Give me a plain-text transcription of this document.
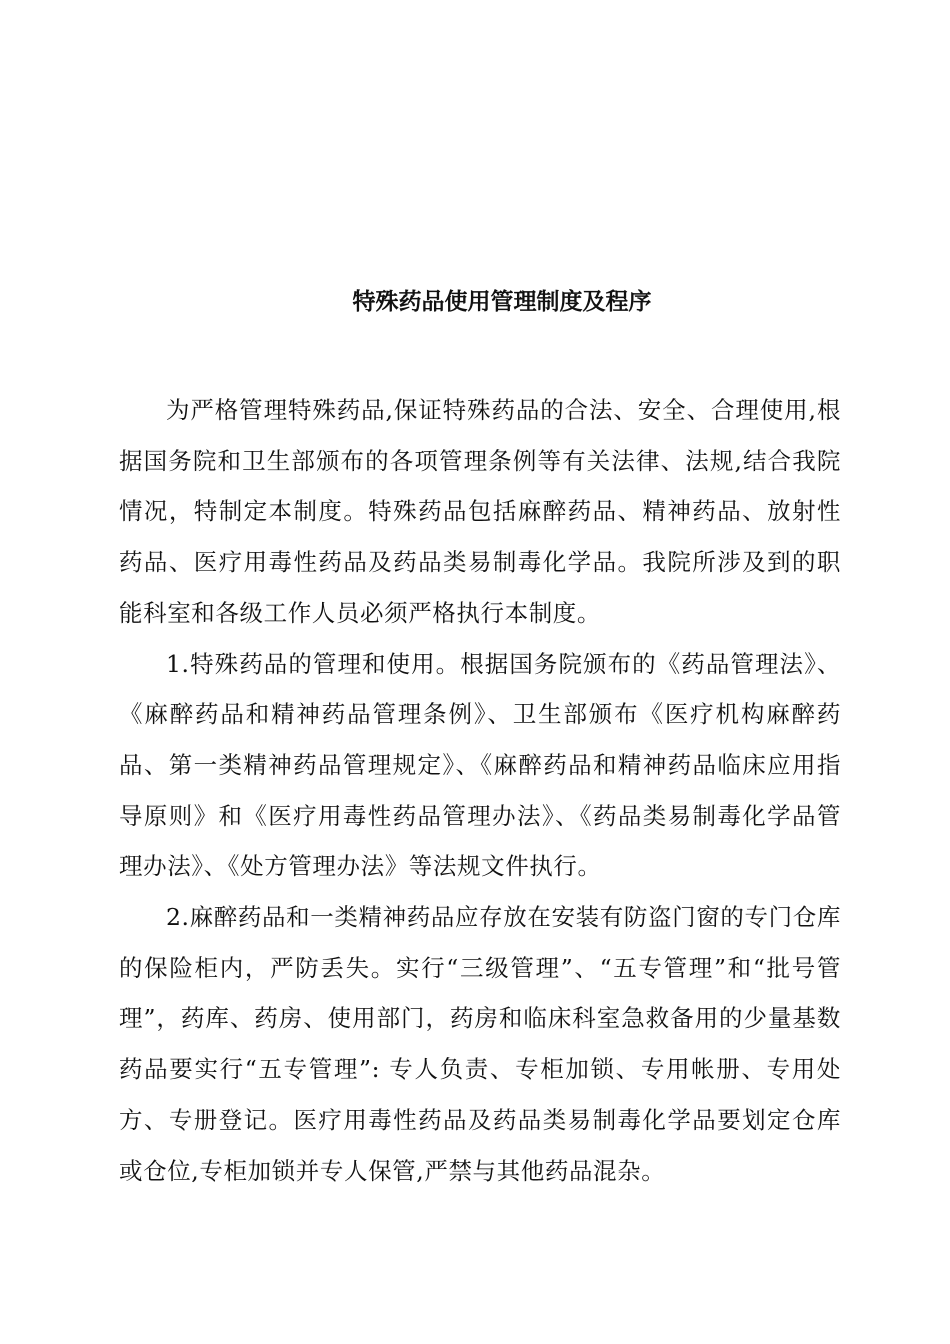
特殊药品使用管理制度及程序

为严格管理特殊药品,保证特殊药品的合法、安全、合理使用,根据国务院和卫生部颁布的各项管理条例等有关法律、法规,结合我院情况，特制定本制度。特殊药品包括麻醉药品、精神药品、放射性药品、医疗用毒性药品及药品类易制毒化学品。我院所涉及到的职能科室和各级工作人员必须严格执行本制度。

1.特殊药品的管理和使用。根据国务院颁布的《药品管理法》、《麻醉药品和精神药品管理条例》、卫生部颁布《医疗机构麻醉药品、第一类精神药品管理规定》、《麻醉药品和精神药品临床应用指导原则》和《医疗用毒性药品管理办法》、《药品类易制毒化学品管理办法》、《处方管理办法》等法规文件执行。

2.麻醉药品和一类精神药品应存放在安装有防盗门窗的专门仓库的保险柜内，严防丢失。实行“三级管理”、“五专管理”和“批号管理”，药库、药房、使用部门，药房和临床科室急救备用的少量基数药品要实行“五专管理”: 专人负责、专柜加锁、专用帐册、专用处方、专册登记。医疗用毒性药品及药品类易制毒化学品要划定仓库或仓位,专柜加锁并专人保管,严禁与其他药品混杂。
